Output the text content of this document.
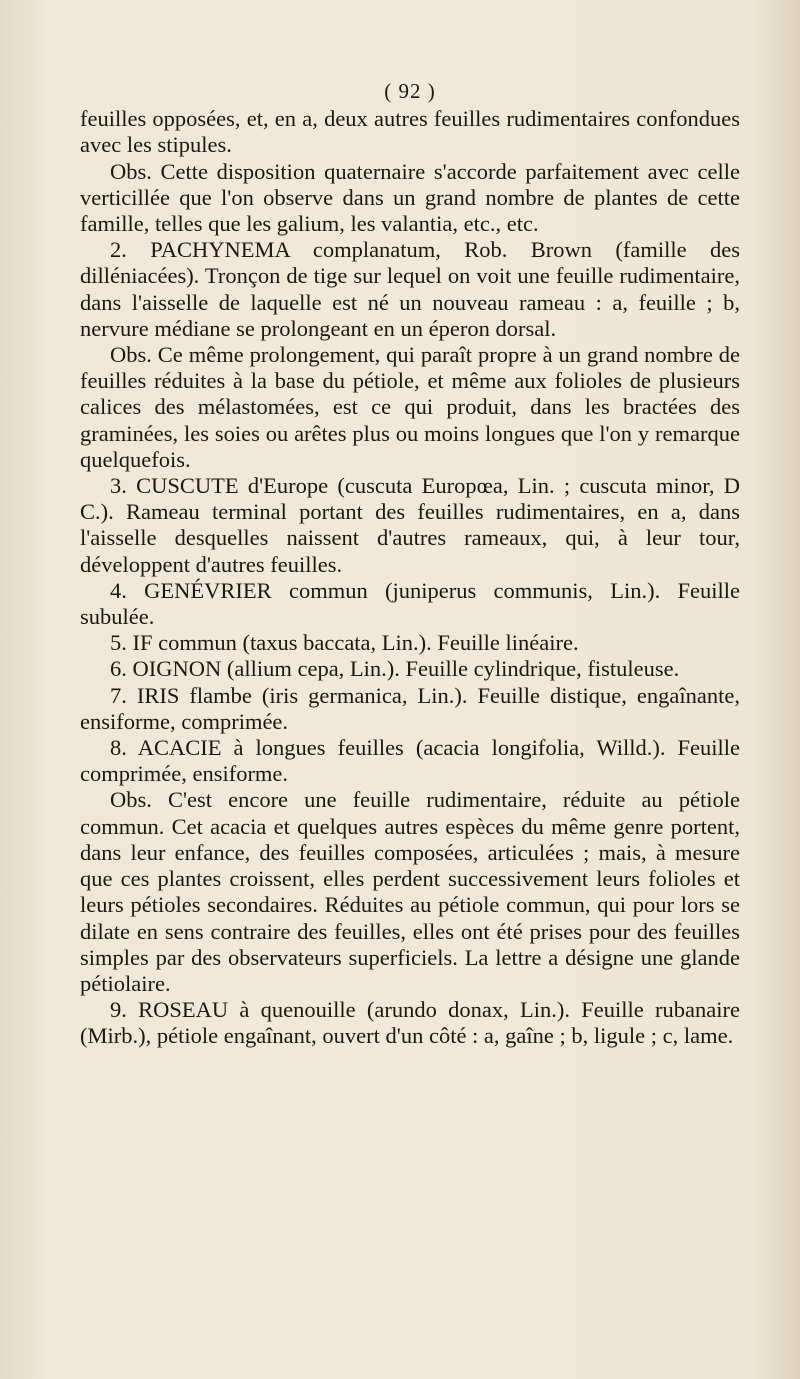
( 92 )

feuilles opposées, et, en a, deux autres feuilles rudimentaires confondues avec les stipules.

Obs. Cette disposition quaternaire s'accorde parfaitement avec celle verticillée que l'on observe dans un grand nombre de plantes de cette famille, telles que les galium, les valantia, etc., etc.

2. PACHYNEMA complanatum, Rob. Brown (famille des dilléniacées). Tronçon de tige sur lequel on voit une feuille rudimentaire, dans l'aisselle de laquelle est né un nouveau rameau : a, feuille ; b, nervure médiane se prolongeant en un éperon dorsal.

Obs. Ce même prolongement, qui paraît propre à un grand nombre de feuilles réduites à la base du pétiole, et même aux folioles de plusieurs calices des mélastomées, est ce qui produit, dans les bractées des graminées, les soies ou arêtes plus ou moins longues que l'on y remarque quelquefois.

3. CUSCUTE d'Europe (cuscuta Europœa, Lin. ; cuscuta minor, D C.). Rameau terminal portant des feuilles rudimentaires, en a, dans l'aisselle desquelles naissent d'autres rameaux, qui, à leur tour, développent d'autres feuilles.

4. GENÉVRIER commun (juniperus communis, Lin.). Feuille subulée.

5. IF commun (taxus baccata, Lin.). Feuille linéaire.

6. OIGNON (allium cepa, Lin.). Feuille cylindrique, fistuleuse.

7. IRIS flambe (iris germanica, Lin.). Feuille distique, engaînante, ensiforme, comprimée.

8. ACACIE à longues feuilles (acacia longifolia, Willd.). Feuille comprimée, ensiforme.

Obs. C'est encore une feuille rudimentaire, réduite au pétiole commun. Cet acacia et quelques autres espèces du même genre portent, dans leur enfance, des feuilles composées, articulées ; mais, à mesure que ces plantes croissent, elles perdent successivement leurs folioles et leurs pétioles secondaires. Réduites au pétiole commun, qui pour lors se dilate en sens contraire des feuilles, elles ont été prises pour des feuilles simples par des observateurs superficiels. La lettre a désigne une glande pétiolaire.

9. ROSEAU à quenouille (arundo donax, Lin.). Feuille rubanaire (Mirb.), pétiole engaînant, ouvert d'un côté : a, gaîne ; b, ligule ; c, lame.
